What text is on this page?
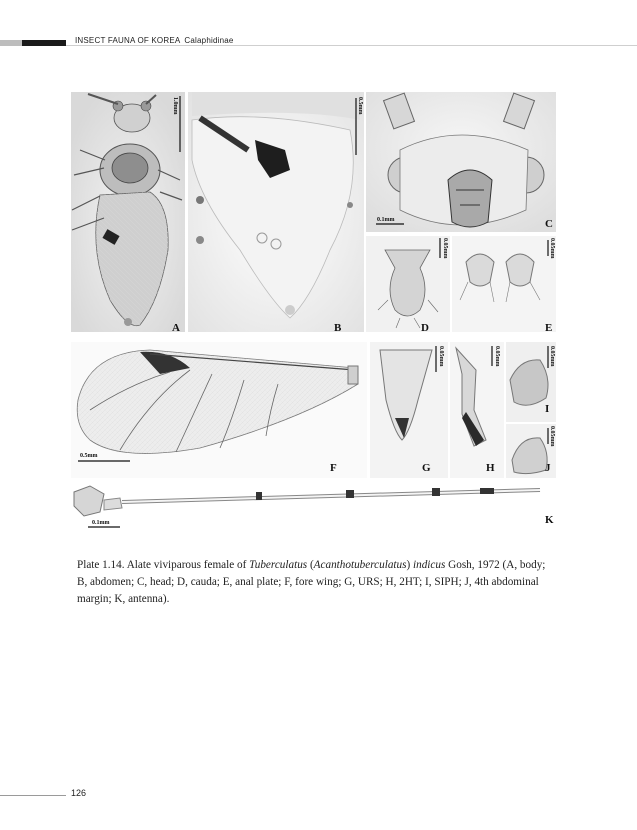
INSECT FAUNA OF KOREA Calaphidinae
A	B
C
D	E
F	G	H
I
J
K
1.0mm	0.5mm
0.1mm
0.05mm	0.05mm
0.5mm
0.05mm	0.05mm	0.05mm
0.05mm
0.1mm
Plate 1.14. Alate viviparous female of Tuberculatus (Acanthotuberculatus) indicus Gosh, 1972 (A, body; B, abdomen; C, head; D, cauda; E, anal plate; F, fore wing; G, URS; H, 2HT; I, SIPH; J, 4th abdominal margin; K, antenna).
126
